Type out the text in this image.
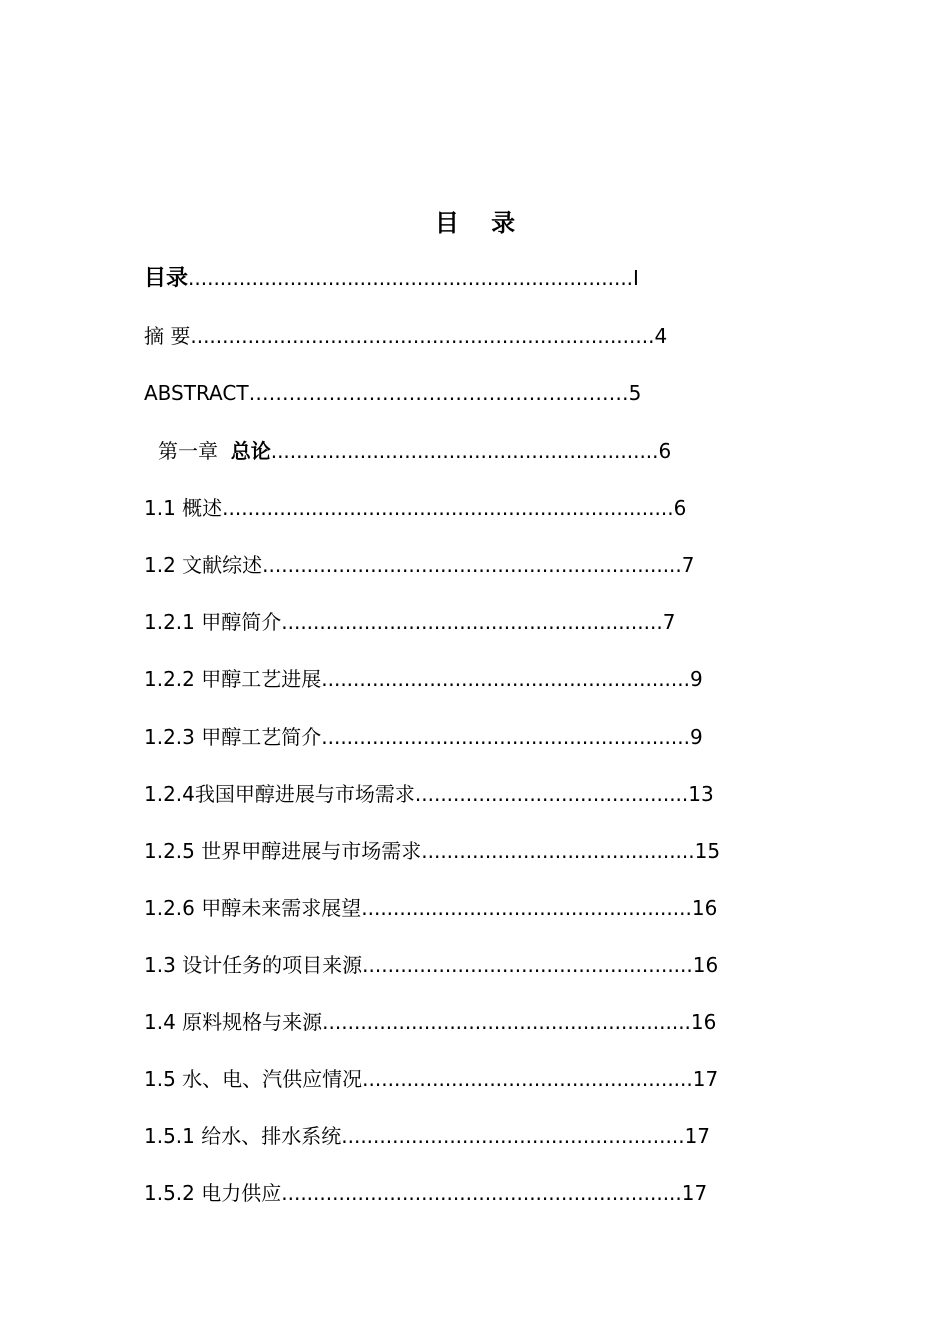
目 录
目录......................................................................I
摘 要.........................................................................4
ABSTRACT…………………………………………………5
第一章 总论.............................................................6
1.1 概述.......................................................................6
1.2 文献综述..................................................................7
1.2.1 甲醇简介............................................................7
1.2.2 甲醇工艺进展..........................................................9
1.2.3 甲醇工艺简介..........................................................9
1.2.4我国甲醇进展与市场需求...........................................13
1.2.5 世界甲醇进展与市场需求...........................................15
1.2.6 甲醇未来需求展望....................................................16
1.3 设计任务的项目来源....................................................16
1.4 原料规格与来源..........................................................16
1.5 水、电、汽供应情况....................................................17
1.5.1 给水、排水系统......................................................17
1.5.2 电力供应...............................................................17
